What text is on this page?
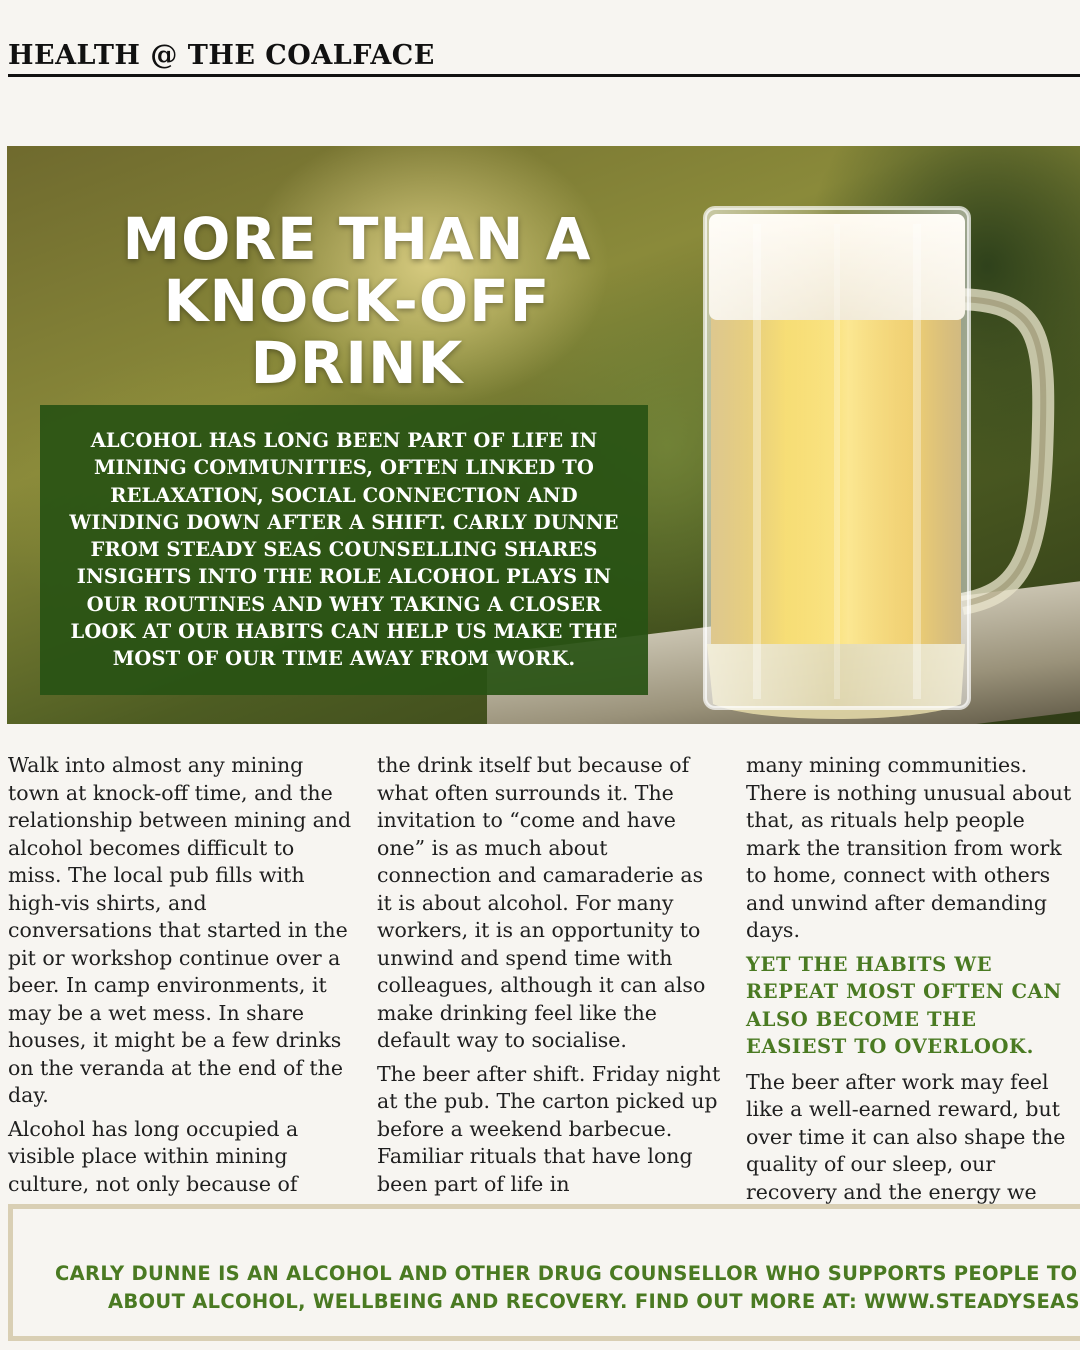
HEALTH @ THE COALFACE
MORE THAN A
KNOCK-OFF DRINK
ALCOHOL HAS LONG BEEN PART OF LIFE IN MINING COMMUNITIES, OFTEN LINKED TO RELAXATION, SOCIAL CONNECTION AND WINDING DOWN AFTER A SHIFT. CARLY DUNNE FROM STEADY SEAS COUNSELLING SHARES INSIGHTS INTO THE ROLE ALCOHOL PLAYS IN OUR ROUTINES AND WHY TAKING A CLOSER LOOK AT OUR HABITS CAN HELP US MAKE THE MOST OF OUR TIME AWAY FROM WORK.

Walk into almost any mining town at knock-off time, and the relationship between mining and alcohol becomes difficult to miss. The local pub fills with high-vis shirts, and conversations that started in the pit or workshop continue over a beer. In camp environments, it may be a wet mess. In share houses, it might be a few drinks on the veranda at the end of the day.

Alcohol has long occupied a visible place within mining culture, not only because of

the drink itself but because of what often surrounds it. The invitation to “come and have one” is as much about connection and camaraderie as it is about alcohol. For many workers, it is an opportunity to unwind and spend time with colleagues, although it can also make drinking feel like the default way to socialise.

The beer after shift. Friday night at the pub. The carton picked up before a weekend barbecue. Familiar rituals that have long been part of life in

many mining communities. There is nothing unusual about that, as rituals help people mark the transition from work to home, connect with others and unwind after demanding days.

YET THE HABITS WE REPEAT MOST OFTEN CAN ALSO BECOME THE EASIEST TO OVERLOOK.

The beer after work may feel like a well-earned reward, but over time it can also shape the quality of our sleep, our recovery and the energy we

CARLY DUNNE IS AN ALCOHOL AND OTHER DRUG COUNSELLOR WHO SUPPORTS PEOPLE TO
ABOUT ALCOHOL, WELLBEING AND RECOVERY. FIND OUT MORE AT: WWW.STEADYSEAS
